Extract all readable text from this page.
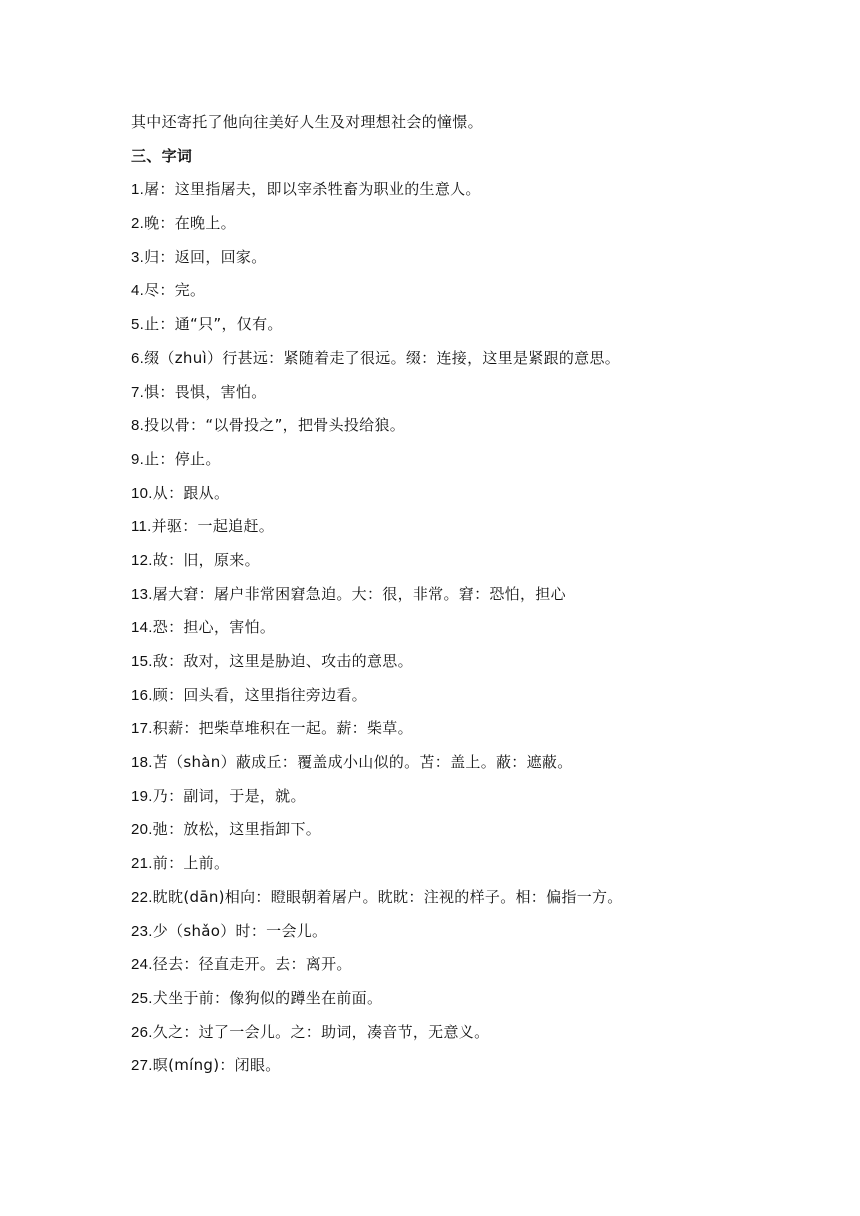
其中还寄托了他向往美好人生及对理想社会的憧憬。
三、字词
1.屠：这里指屠夫，即以宰杀牲畜为职业的生意人。
2.晚：在晚上。
3.归：返回，回家。
4.尽：完。
5.止：通“只”，仅有。
6.缀（zhuì）行甚远：紧随着走了很远。缀：连接，这里是紧跟的意思。
7.惧：畏惧，害怕。
8.投以骨：“以骨投之”，把骨头投给狼。
9.止：停止。
10.从：跟从。
11.并驱：一起追赶。
12.故：旧，原来。
13.屠大窘：屠户非常困窘急迫。大：很，非常。窘：恐怕，担心
14.恐：担心，害怕。
15.敌：敌对，这里是胁迫、攻击的意思。
16.顾：回头看，这里指往旁边看。
17.积薪：把柴草堆积在一起。薪：柴草。
18.苫（shàn）蔽成丘：覆盖成小山似的。苫：盖上。蔽：遮蔽。
19.乃：副词，于是，就。
20.弛：放松，这里指卸下。
21.前：上前。
22.眈眈(dān)相向：瞪眼朝着屠户。眈眈：注视的样子。相：偏指一方。
23.少（shǎo）时：一会儿。
24.径去：径直走开。去：离开。
25.犬坐于前：像狗似的蹲坐在前面。
26.久之：过了一会儿。之：助词，凑音节，无意义。
27.暝(míng)：闭眼。
